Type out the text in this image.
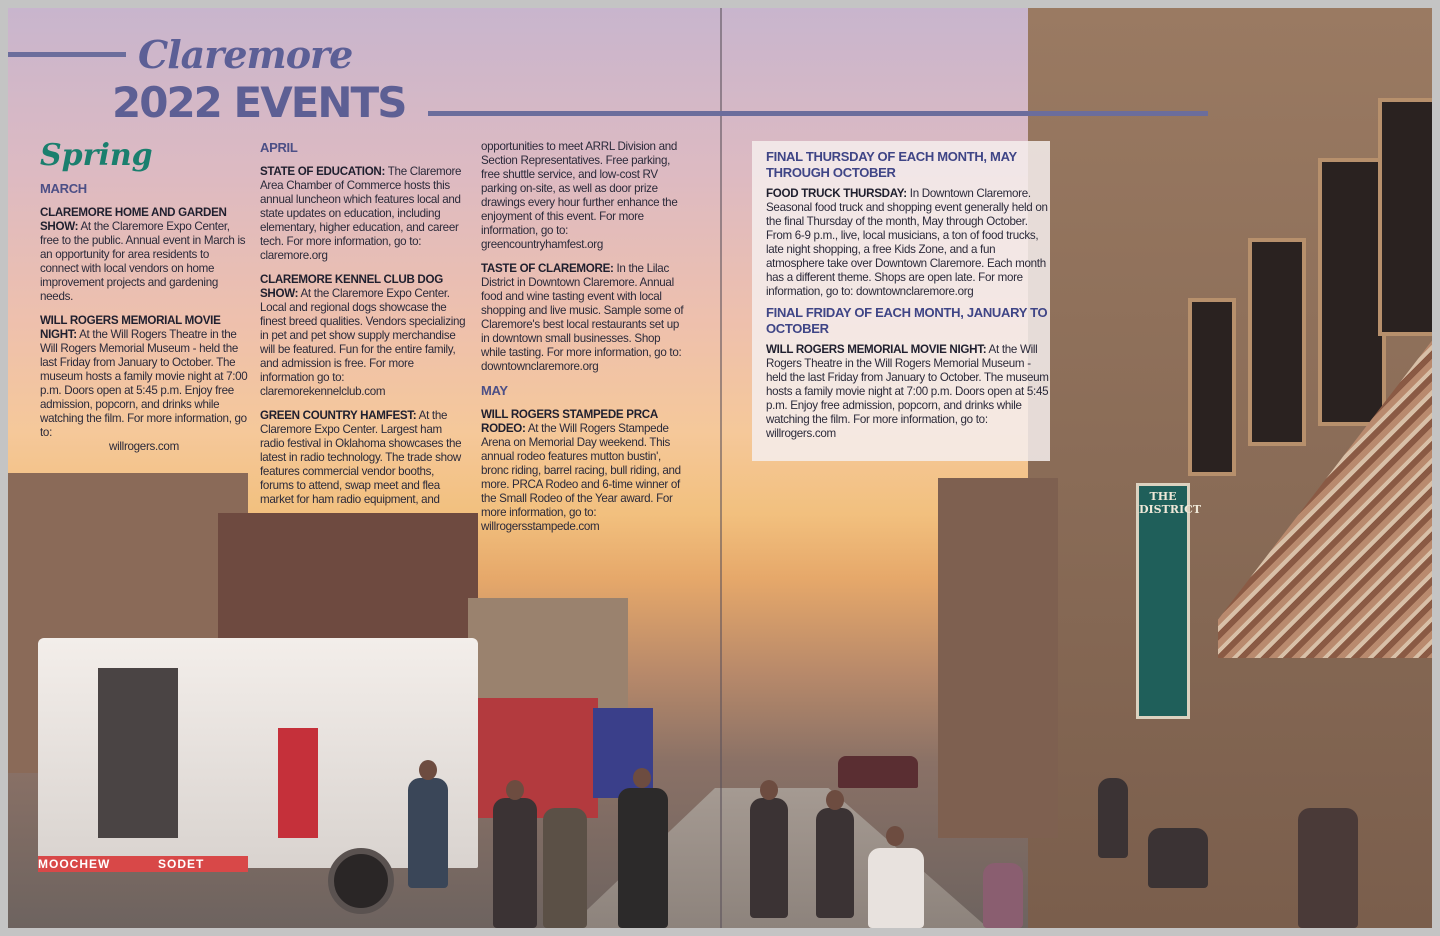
MOOCHEW	SODET
THE DISTRICT
Claremore
2022 EVENTS
Spring

MARCH

CLAREMORE HOME AND GARDEN SHOW: At the Claremore Expo Center, free to the public. Annual event in March is an opportunity for area residents to connect with local vendors on home improvement projects and gardening needs.

WILL ROGERS MEMORIAL MOVIE NIGHT: At the Will Rogers Theatre in the Will Rogers Memorial Museum - held the last Friday from January to October. The museum hosts a family movie night at 7:00 p.m. Doors open at 5:45 p.m. Enjoy free admission, popcorn, and drinks while watching the film. For more information, go to:

willrogers.com

APRIL

STATE OF EDUCATION: The Claremore Area Chamber of Commerce hosts this annual luncheon which features local and state updates on education, including elementary, higher education, and career tech. For more information, go to: claremore.org

CLAREMORE KENNEL CLUB DOG SHOW: At the Claremore Expo Center. Local and regional dogs showcase the finest breed qualities. Vendors specializing in pet and pet show supply merchandise will be featured. Fun for the entire family, and admission is free. For more information go to: claremorekennelclub.com

GREEN COUNTRY HAMFEST: At the Claremore Expo Center. Largest ham radio festival in Oklahoma showcases the latest in radio technology. The trade show features commercial vendor booths, forums to attend, swap meet and flea market for ham radio equipment, and

opportunities to meet ARRL Division and Section Representatives. Free parking, free shuttle service, and low-cost RV parking on-site, as well as door prize drawings every hour further enhance the enjoyment of this event. For more information, go to: greencountryhamfest.org

TASTE OF CLAREMORE: In the Lilac District in Downtown Claremore. Annual food and wine tasting event with local shopping and live music. Sample some of Claremore's best local restaurants set up in downtown small businesses. Shop while tasting. For more information, go to: downtownclaremore.org

MAY

WILL ROGERS STAMPEDE PRCA RODEO: At the Will Rogers Stampede Arena on Memorial Day weekend. This annual rodeo features mutton bustin', bronc riding, barrel racing, bull riding, and more. PRCA Rodeo and 6-time winner of the Small Rodeo of the Year award. For more information, go to: willrogersstampede.com

FINAL THURSDAY OF EACH MONTH, MAY THROUGH OCTOBER

FOOD TRUCK THURSDAY: In Downtown Claremore. Seasonal food truck and shopping event generally held on the final Thursday of the month, May through October. From 6-9 p.m., live, local musicians, a ton of food trucks, late night shopping, a free Kids Zone, and a fun atmosphere take over Downtown Claremore. Each month has a different theme. Shops are open late. For more information, go to: downtownclaremore.org

FINAL FRIDAY OF EACH MONTH, JANUARY TO OCTOBER

WILL ROGERS MEMORIAL MOVIE NIGHT: At the Will Rogers Theatre in the Will Rogers Memorial Museum - held the last Friday from January to October. The museum hosts a family movie night at 7:00 p.m. Doors open at 5:45 p.m. Enjoy free admission, popcorn, and drinks while watching the film. For more information, go to: willrogers.com
